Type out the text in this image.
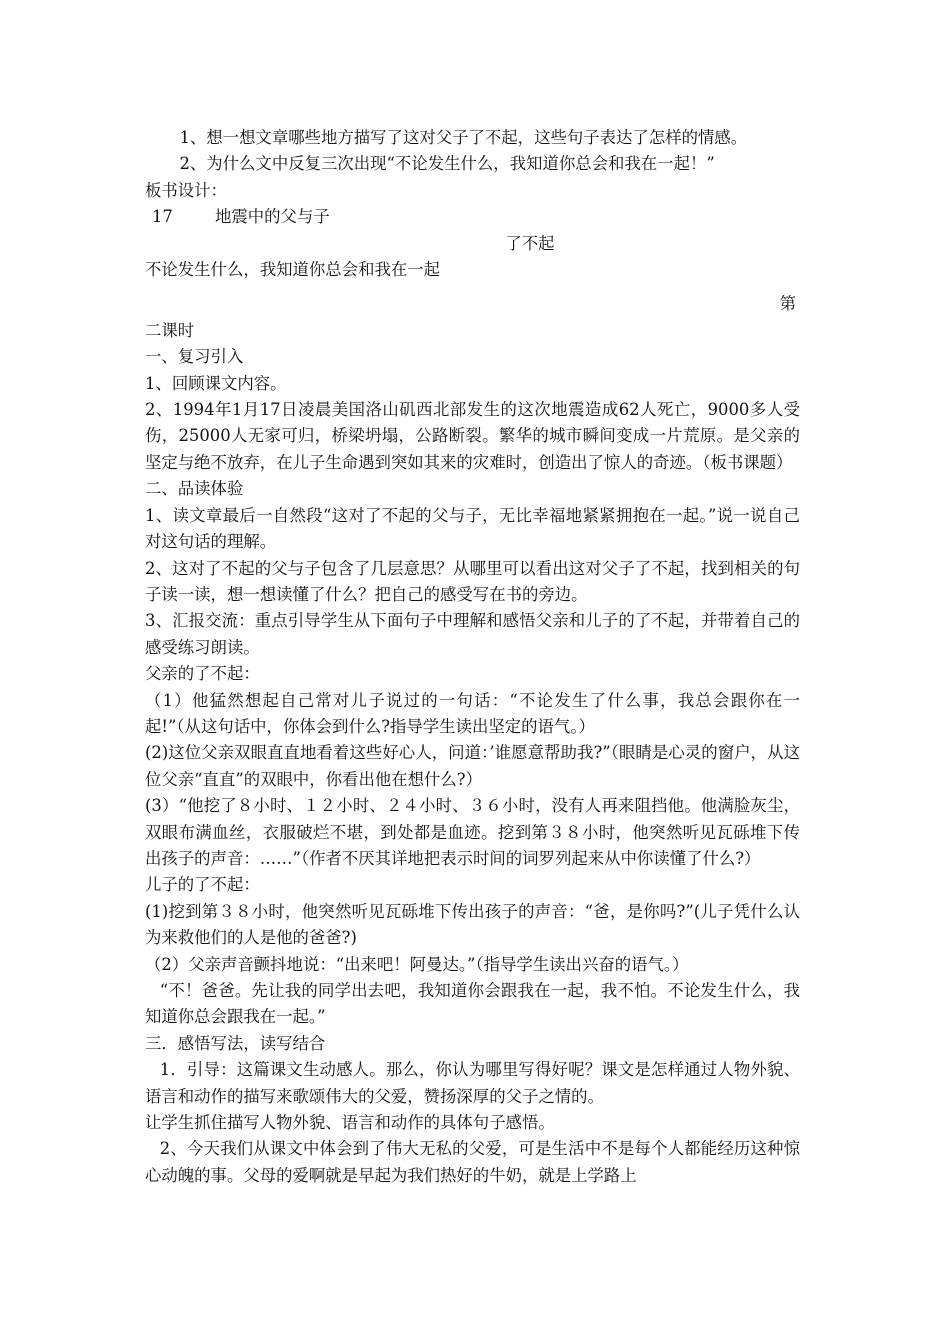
1、想一想文章哪些地方描写了这对父子了不起，这些句子表达了怎样的情感。

2、为什么文中反复三次出现“不论发生什么，我知道你总会和我在一起！”

板书设计：

17	地震中的父与子

了不起

不论发生什么，我知道你总会和我在一起

第

二课时

一、复习引入

1、回顾课文内容。

2、1994年1月17日凌晨美国洛山矶西北部发生的这次地震造成62人死亡，9000多人受伤，25000人无家可归，桥梁坍塌，公路断裂。繁华的城市瞬间变成一片荒原。是父亲的坚定与绝不放弃，在儿子生命遇到突如其来的灾难时，创造出了惊人的奇迹。（板书课题）

二、品读体验

1、读文章最后一自然段“这对了不起的父与子，无比幸福地紧紧拥抱在一起。”说一说自己对这句话的理解。

2、这对了不起的父与子包含了几层意思？从哪里可以看出这对父子了不起，找到相关的句子读一读，想一想读懂了什么？把自己的感受写在书的旁边。

3、汇报交流：重点引导学生从下面句子中理解和感悟父亲和儿子的了不起，并带着自己的感受练习朗读。

父亲的了不起：

（1）他猛然想起自己常对儿子说过的一句话：“不论发生了什么事，我总会跟你在一起!”（从这句话中，你体会到什么?指导学生读出坚定的语气。）

(2)这位父亲双眼直直地看着这些好心人，问道：’谁愿意帮助我?”（眼睛是心灵的窗户，从这位父亲“直直”的双眼中，你看出他在想什么?）

(3）“他挖了８小时、１２小时、２４小时、３６小时，没有人再来阻挡他。他满脸灰尘，双眼布满血丝，衣服破烂不堪，到处都是血迹。挖到第３８小时，他突然听见瓦砾堆下传出孩子的声音：……”（作者不厌其详地把表示时间的词罗列起来从中你读懂了什么?）

儿子的了不起：

(1)挖到第３８小时，他突然听见瓦砾堆下传出孩子的声音：“爸，是你吗?”(儿子凭什么认为来救他们的人是他的爸爸?)

（2）父亲声音颤抖地说：“出来吧！阿曼达。”（指导学生读出兴奋的语气。）

“不！爸爸。先让我的同学出去吧，我知道你会跟我在一起，我不怕。不论发生什么，我知道你总会跟我在一起。”

三．感悟写法，读写结合

1．引导：这篇课文生动感人。那么，你认为哪里写得好呢？课文是怎样通过人物外貌、语言和动作的描写来歌颂伟大的父爱，赞扬深厚的父子之情的。

让学生抓住描写人物外貌、语言和动作的具体句子感悟。

2、今天我们从课文中体会到了伟大无私的父爱，可是生活中不是每个人都能经历这种惊心动魄的事。父母的爱啊就是早起为我们热好的牛奶，就是上学路上
